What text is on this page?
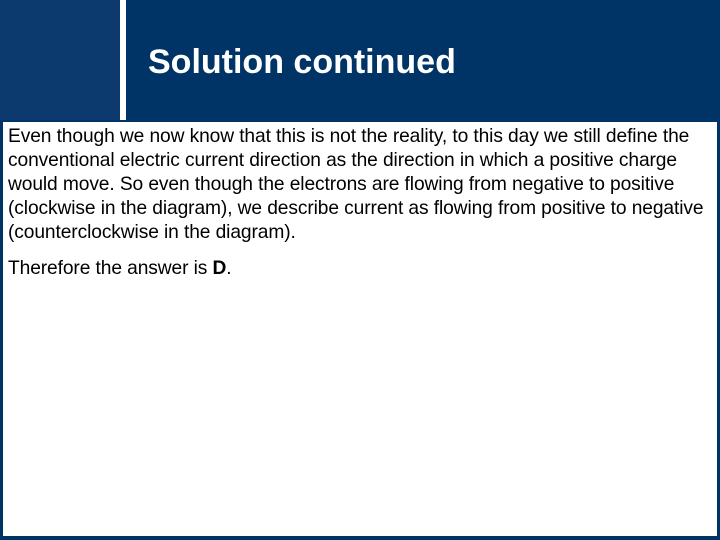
Solution continued

Even though we now know that this is not the reality, to this day we still define the conventional electric current direction as the direction in which a positive charge would move. So even though the electrons are flowing from negative to positive (clockwise in the diagram), we describe current as flowing from positive to negative (counterclockwise in the diagram).

Therefore the answer is D.
